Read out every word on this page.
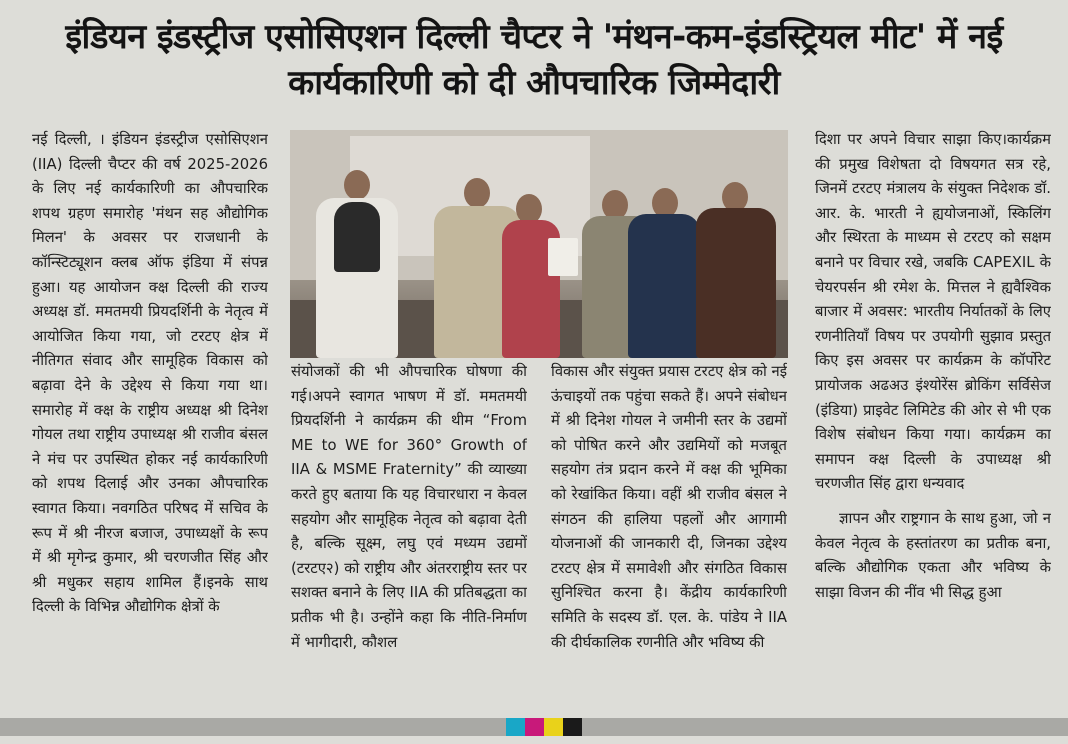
इंडियन इंडस्ट्रीज एसोसिएशन दिल्ली चैप्टर ने 'मंथन-कम-इंडस्ट्रियल मीट' में नई कार्यकारिणी को दी औपचारिक जिम्मेदारी

नई दिल्ली, । इंडियन इंडस्ट्रीज एसोसिएशन (IIA) दिल्ली चैप्टर की वर्ष 2025-2026 के लिए नई कार्यकारिणी का औपचारिक शपथ ग्रहण समारोह 'मंथन सह औद्योगिक मिलन' के अवसर पर राजधानी के कॉन्स्टिट्यूशन क्लब ऑफ इंडिया में संपन्न हुआ। यह आयोजन क्क्ष दिल्ली की राज्य अध्यक्ष डॉ. ममतमयी प्रियदर्शिनी के नेतृत्व में आयोजित किया गया, जो टरटए क्षेत्र में नीतिगत संवाद और सामूहिक विकास को बढ़ावा देने के उद्देश्य से किया गया था।समारोह में क्क्ष के राष्ट्रीय अध्यक्ष श्री दिनेश गोयल तथा राष्ट्रीय उपाध्यक्ष श्री राजीव बंसल ने मंच पर उपस्थित होकर नई कार्यकारिणी को शपथ दिलाई और उनका औपचारिक स्वागत किया। नवगठित परिषद में सचिव के रूप में श्री नीरज बजाज, उपाध्यक्षों के रूप में श्री मृगेन्द्र कुमार, श्री चरणजीत सिंह और श्री मधुकर सहाय शामिल हैं।इनके साथ दिल्ली के विभिन्न औद्योगिक क्षेत्रों के

संयोजकों की भी औपचारिक घोषणा की गई।अपने स्वागत भाषण में डॉ. ममतमयी प्रियदर्शिनी ने कार्यक्रम की थीम “From ME to WE for 360° Growth of IIA & MSME Fraternity” की व्याख्या करते हुए बताया कि यह विचारधारा न केवल सहयोग और सामूहिक नेतृत्व को बढ़ावा देती है, बल्कि सूक्ष्म, लघु एवं मध्यम उद्यमों (टरटए२) को राष्ट्रीय और अंतरराष्ट्रीय स्तर पर सशक्त बनाने के लिए IIA की प्रतिबद्धता का प्रतीक भी है। उन्होंने कहा कि नीति-निर्माण में भागीदारी, कौशल

विकास और संयुक्त प्रयास टरटए क्षेत्र को नई ऊंचाइयों तक पहुंचा सकते हैं। अपने संबोधन में श्री दिनेश गोयल ने जमीनी स्तर के उद्यमों को पोषित करने और उद्यमियों को मजबूत सहयोग तंत्र प्रदान करने में क्क्ष की भूमिका को रेखांकित किया। वहीं श्री राजीव बंसल ने संगठन की हालिया पहलों और आगामी योजनाओं की जानकारी दी, जिनका उद्देश्य टरटए क्षेत्र में समावेशी और संगठित विकास सुनिश्चित करना है। केंद्रीय कार्यकारिणी समिति के सदस्य डॉ. एल. के. पांडेय ने IIA की दीर्घकालिक रणनीति और भविष्य की

दिशा पर अपने विचार साझा किए।कार्यक्रम की प्रमुख विशेषता दो विषयगत सत्र रहे, जिनमें टरटए मंत्रालय के संयुक्त निदेशक डॉ. आर. के. भारती ने ह्ययोजनाओं, स्किलिंग और स्थिरता के माध्यम से टरटए को सक्षम बनाने पर विचार रखे, जबकि CAPEXIL के चेयरपर्सन श्री रमेश के. मित्तल ने ह्यवैश्विक बाजार में अवसर: भारतीय निर्यातकों के लिए रणनीतियाँ विषय पर उपयोगी सुझाव प्रस्तुत किए इस अवसर पर कार्यक्रम के कॉर्पोरेट प्रायोजक अढअउ इंश्योरेंस ब्रोकिंग सर्विसेज (इंडिया) प्राइवेट लिमिटेड की ओर से भी एक विशेष संबोधन किया गया। कार्यक्रम का समापन क्क्ष दिल्ली के उपाध्यक्ष श्री चरणजीत सिंह द्वारा धन्यवाद

ज्ञापन और राष्ट्रगान के साथ हुआ, जो न केवल नेतृत्व के हस्तांतरण का प्रतीक बना, बल्कि औद्योगिक एकता और भविष्य के साझा विजन की नींव भी सिद्ध हुआ
